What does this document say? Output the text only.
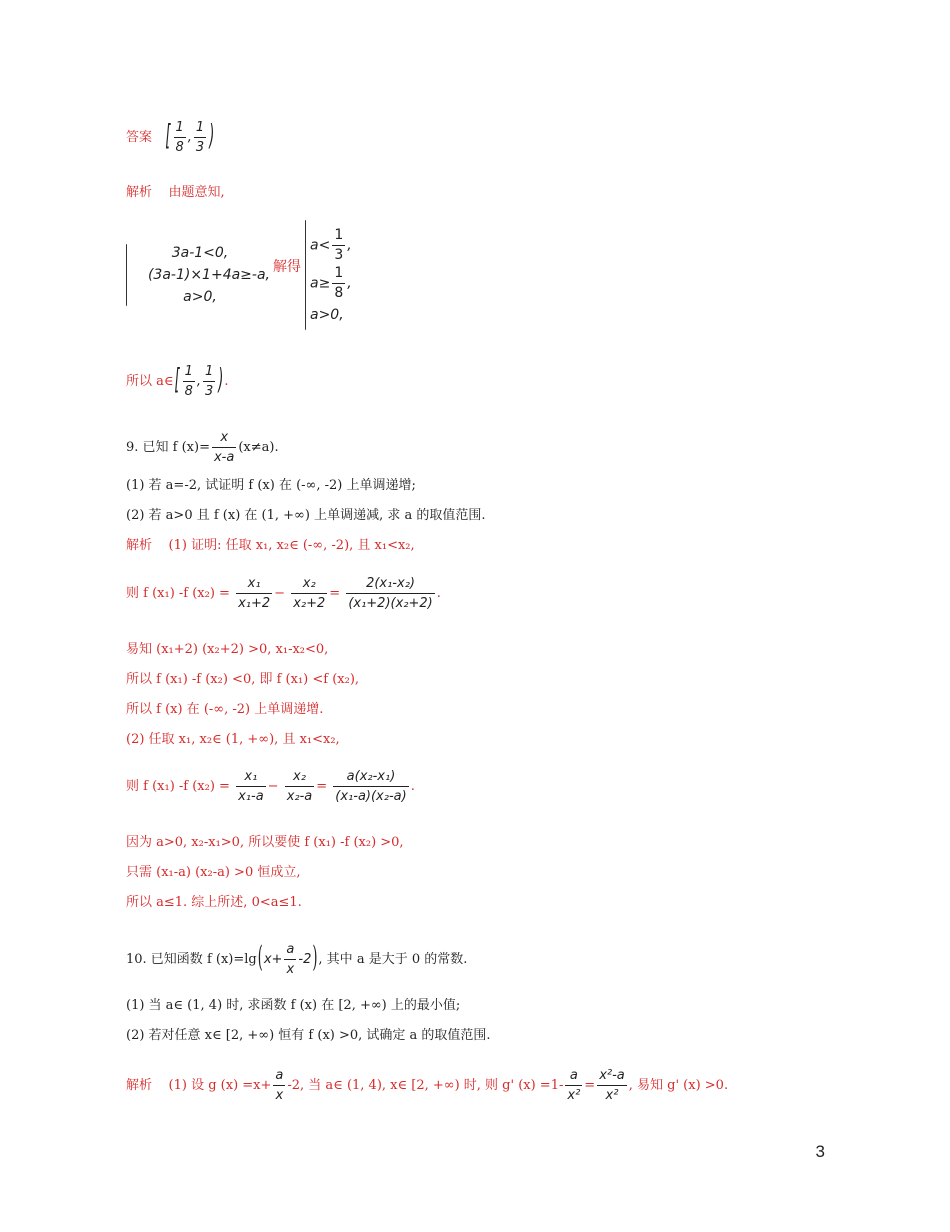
答案 [ $\frac{1}{8}$ , $\frac{1}{3}$ )
解析 由题意知,
3a-1<0,
(3a-1)×1+4a≥-a,
a>0,
解得
$a< \frac{1}{3}$ ,
$a\ge \frac{1}{8}$ ,
a>0,
所以 a∈[ $\frac{1}{8}$ , $\frac{1}{3}$ ).
9. 已知 f $(x)= \frac{x}{x-a} (x\ne a)$.
(1) 若 a=-2, 试证明 f (x) 在 (-∞, -2) 上单调递增;
(2) 若 a>0 且 f (x) 在 (1, +∞) 上单调递减, 求 a 的取值范围.
解析 (1) 证明: 任取 x₁, x₂∈ (-∞, -2), 且 x₁<x₂,
则 f (x₁) -f $(x_2) = \frac{\text{x₁}}{\text{x₁+2}} - \frac{\text{x₂}}{\text{x₂+2}} = \frac{\text{2(x₁-x₂)}}{\text{(x₁+2)(x₂+2)}}$ .
易知 (x₁+2) (x₂+2) >0, x₁-x₂<0,
所以 f (x₁) -f (x₂) <0, 即 f (x₁) <f (x₂),
所以 f (x) 在 (-∞, -2) 上单调递增.
(2) 任取 x₁, x₂∈ (1, +∞), 且 x₁<x₂,
则 f (x₁) -f $(x_2) = \frac{\text{x₁}}{\text{x₁-a}} - \frac{\text{x₂}}{\text{x₂-a}} = \frac{\text{a(x₂-x₁)}}{\text{(x₁-a)(x₂-a)}}$ .
因为 a>0, x₂-x₁>0, 所以要使 f (x₁) -f (x₂) >0,
只需 (x₁-a) (x₂-a) >0 恒成立,
所以 a≤1. 综上所述, 0<a≤1.
10. 已知函数 f $(x)=\lg(x+ \frac{a}{x} -2)$, 其中 a 是大于 0 的常数.
(1) 当 a∈ (1, 4) 时, 求函数 f (x) 在 [2, +∞) 上的最小值;
(2) 若对任意 x∈ [2, +∞) 恒有 f (x) >0, 试确定 a 的取值范围.
解析 (1) 设 g $(x) =x+ \frac{a}{x} -2$, 当 a∈ (1, 4), x∈ [2, +∞) 时, 则 g' $(x) =1- \frac{a}{\text{x²}} = \frac{\text{x²-a}}{\text{x²}}$ , 易知 g' (x) >0.
3
